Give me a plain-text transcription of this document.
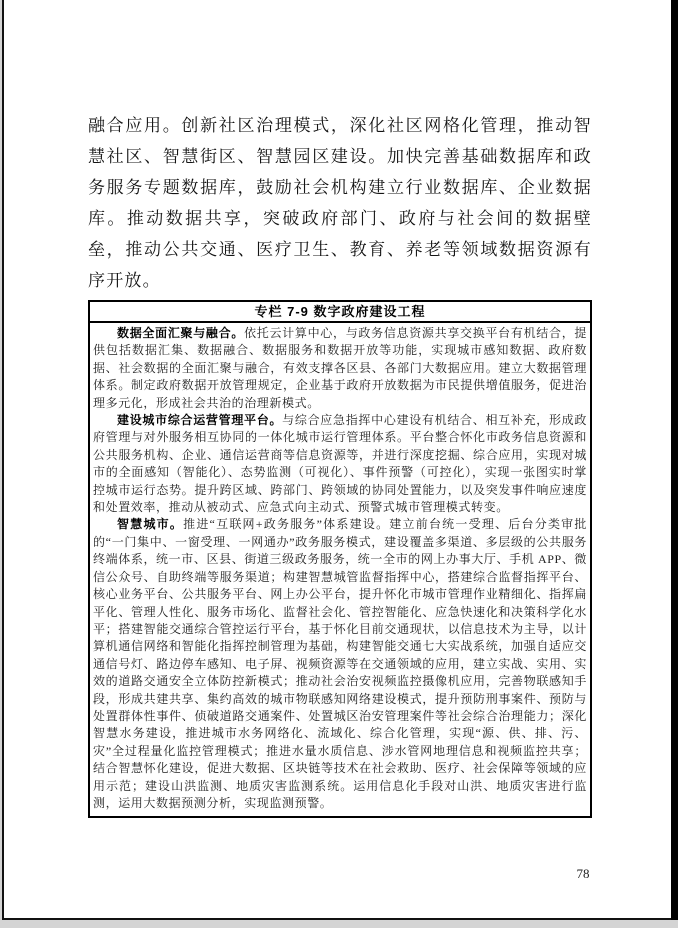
融合应用。创新社区治理模式，深化社区网格化管理，推动智慧社区、智慧街区、智慧园区建设。加快完善基础数据库和政务服务专题数据库，鼓励社会机构建立行业数据库、企业数据库。推动数据共享，突破政府部门、政府与社会间的数据壁垒，推动公共交通、医疗卫生、教育、养老等领域数据资源有序开放。

专栏 7-9 数字政府建设工程

数据全面汇聚与融合。依托云计算中心，与政务信息资源共享交换平台有机结合，提供包括数据汇集、数据融合、数据服务和数据开放等功能，实现城市感知数据、政府数据、社会数据的全面汇聚与融合，有效支撑各区县、各部门大数据应用。建立大数据管理体系。制定政府数据开放管理规定，企业基于政府开放数据为市民提供增值服务，促进治理多元化，形成社会共治的治理新模式。

建设城市综合运营管理平台。与综合应急指挥中心建设有机结合、相互补充，形成政府管理与对外服务相互协同的一体化城市运行管理体系。平台整合怀化市政务信息资源和公共服务机构、企业、通信运营商等信息资源等，并进行深度挖掘、综合应用，实现对城市的全面感知（智能化）、态势监测（可视化）、事件预警（可控化），实现一张图实时掌控城市运行态势。提升跨区域、跨部门、跨领域的协同处置能力，以及突发事件响应速度和处置效率，推动从被动式、应急式向主动式、预警式城市管理模式转变。

智慧城市。推进“互联网+政务服务”体系建设。建立前台统一受理、后台分类审批的“一门集中、一窗受理、一网通办”政务服务模式，建设覆盖多渠道、多层级的公共服务终端体系，统一市、区县、街道三级政务服务，统一全市的网上办事大厅、手机 APP、微信公众号、自助终端等服务渠道；构建智慧城管监督指挥中心，搭建综合监督指挥平台、核心业务平台、公共服务平台、网上办公平台，提升怀化市城市管理作业精细化、指挥扁平化、管理人性化、服务市场化、监督社会化、管控智能化、应急快速化和决策科学化水平；搭建智能交通综合管控运行平台，基于怀化目前交通现状，以信息技术为主导，以计算机通信网络和智能化指挥控制管理为基础，构建智能交通七大实战系统，加强自适应交通信号灯、路边停车感知、电子屏、视频资源等在交通领域的应用，建立实战、实用、实效的道路交通安全立体防控新模式；推动社会治安视频监控摄像机应用，完善物联感知手段，形成共建共享、集约高效的城市物联感知网络建设模式，提升预防刑事案件、预防与处置群体性事件、侦破道路交通案件、处置城区治安管理案件等社会综合治理能力；深化智慧水务建设，推进城市水务网络化、流域化、综合化管理，实现“源、供、排、污、灾”全过程量化监控管理模式；推进水量水质信息、涉水管网地理信息和视频监控共享；结合智慧怀化建设，促进大数据、区块链等技术在社会救助、医疗、社会保障等领域的应用示范；建设山洪监测、地质灾害监测系统。运用信息化手段对山洪、地质灾害进行监测，运用大数据预测分析，实现监测预警。

78
